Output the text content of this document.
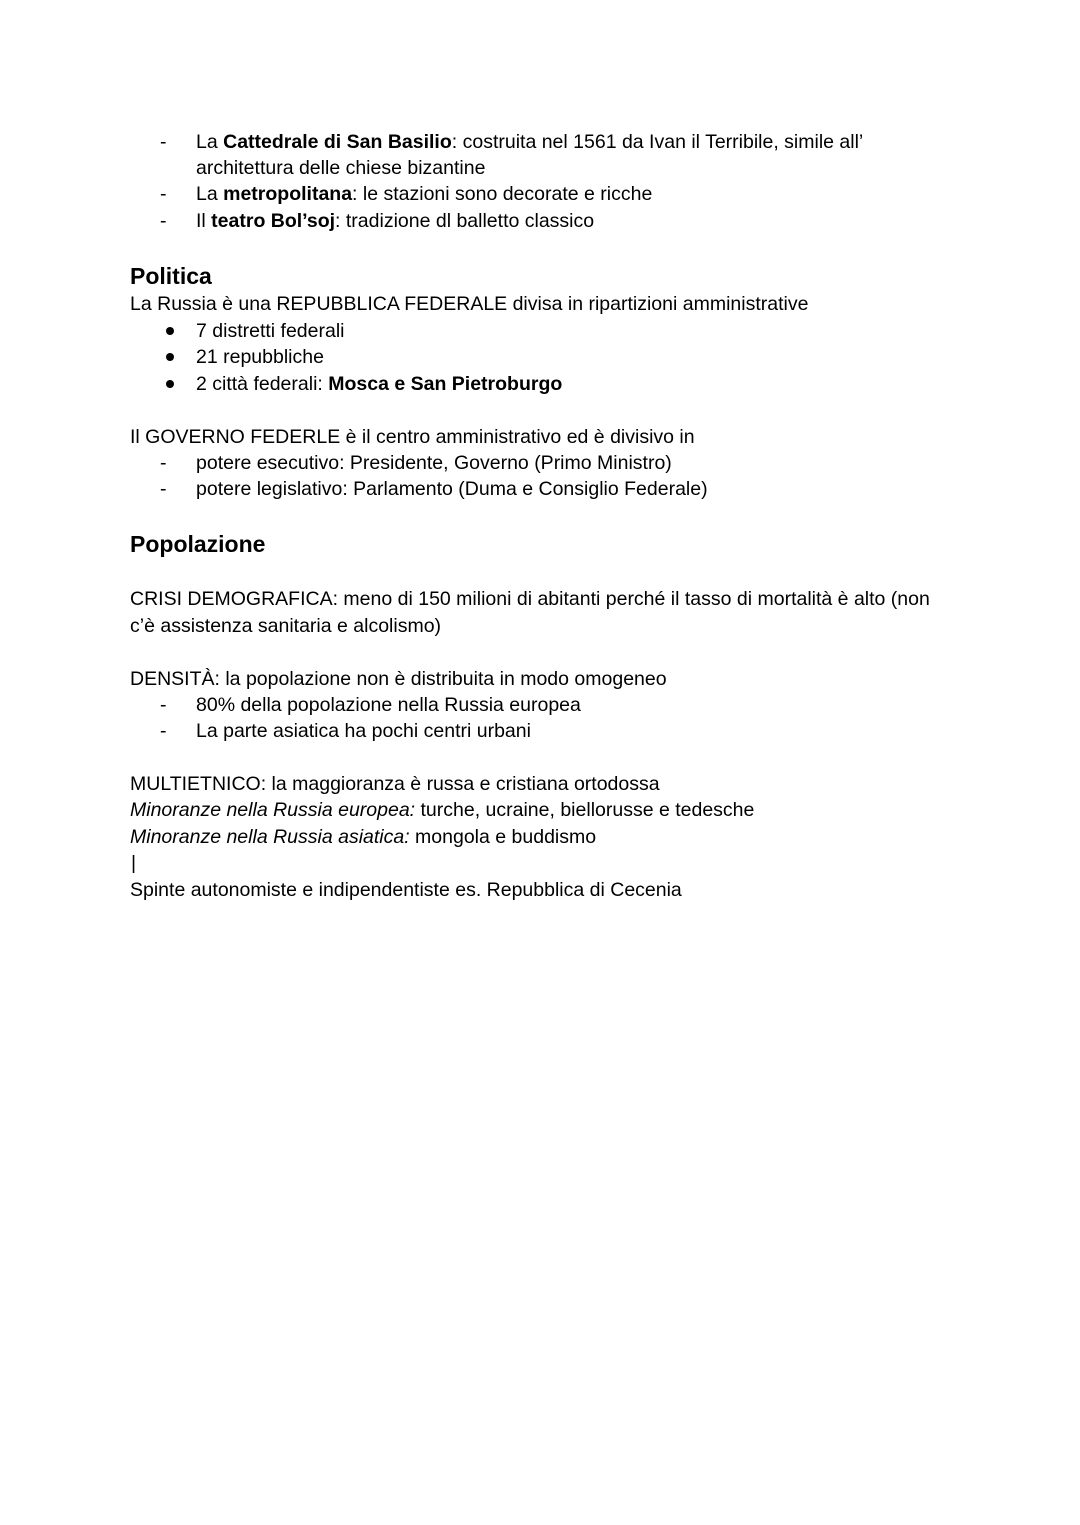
- La Cattedrale di San Basilio: costruita nel 1561 da Ivan il Terribile, simile all’
architettura delle chiese bizantine
- La metropolitana: le stazioni sono decorate e ricche
- Il teatro Bol’soj: tradizione dl balletto classico
Politica
La Russia è una REPUBBLICA FEDERALE divisa in ripartizioni amministrative
7 distretti federali
21 repubbliche
2 città federali: Mosca e San Pietroburgo
Il GOVERNO FEDERLE è il centro amministrativo ed è divisivo in
- potere esecutivo: Presidente, Governo (Primo Ministro)
- potere legislativo: Parlamento (Duma e Consiglio Federale)
Popolazione
CRISI DEMOGRAFICA: meno di 150 milioni di abitanti perché il tasso di mortalità è alto (non
c’è assistenza sanitaria e alcolismo)
DENSITÀ: la popolazione non è distribuita in modo omogeneo
- 80% della popolazione nella Russia europea
- La parte asiatica ha pochi centri urbani
MULTIETNICO: la maggioranza è russa e cristiana ortodossa
Minoranze nella Russia europea: turche, ucraine, biellorusse e tedesche
Minoranze nella Russia asiatica: mongola e buddismo
|
Spinte autonomiste e indipendentiste es. Repubblica di Cecenia
